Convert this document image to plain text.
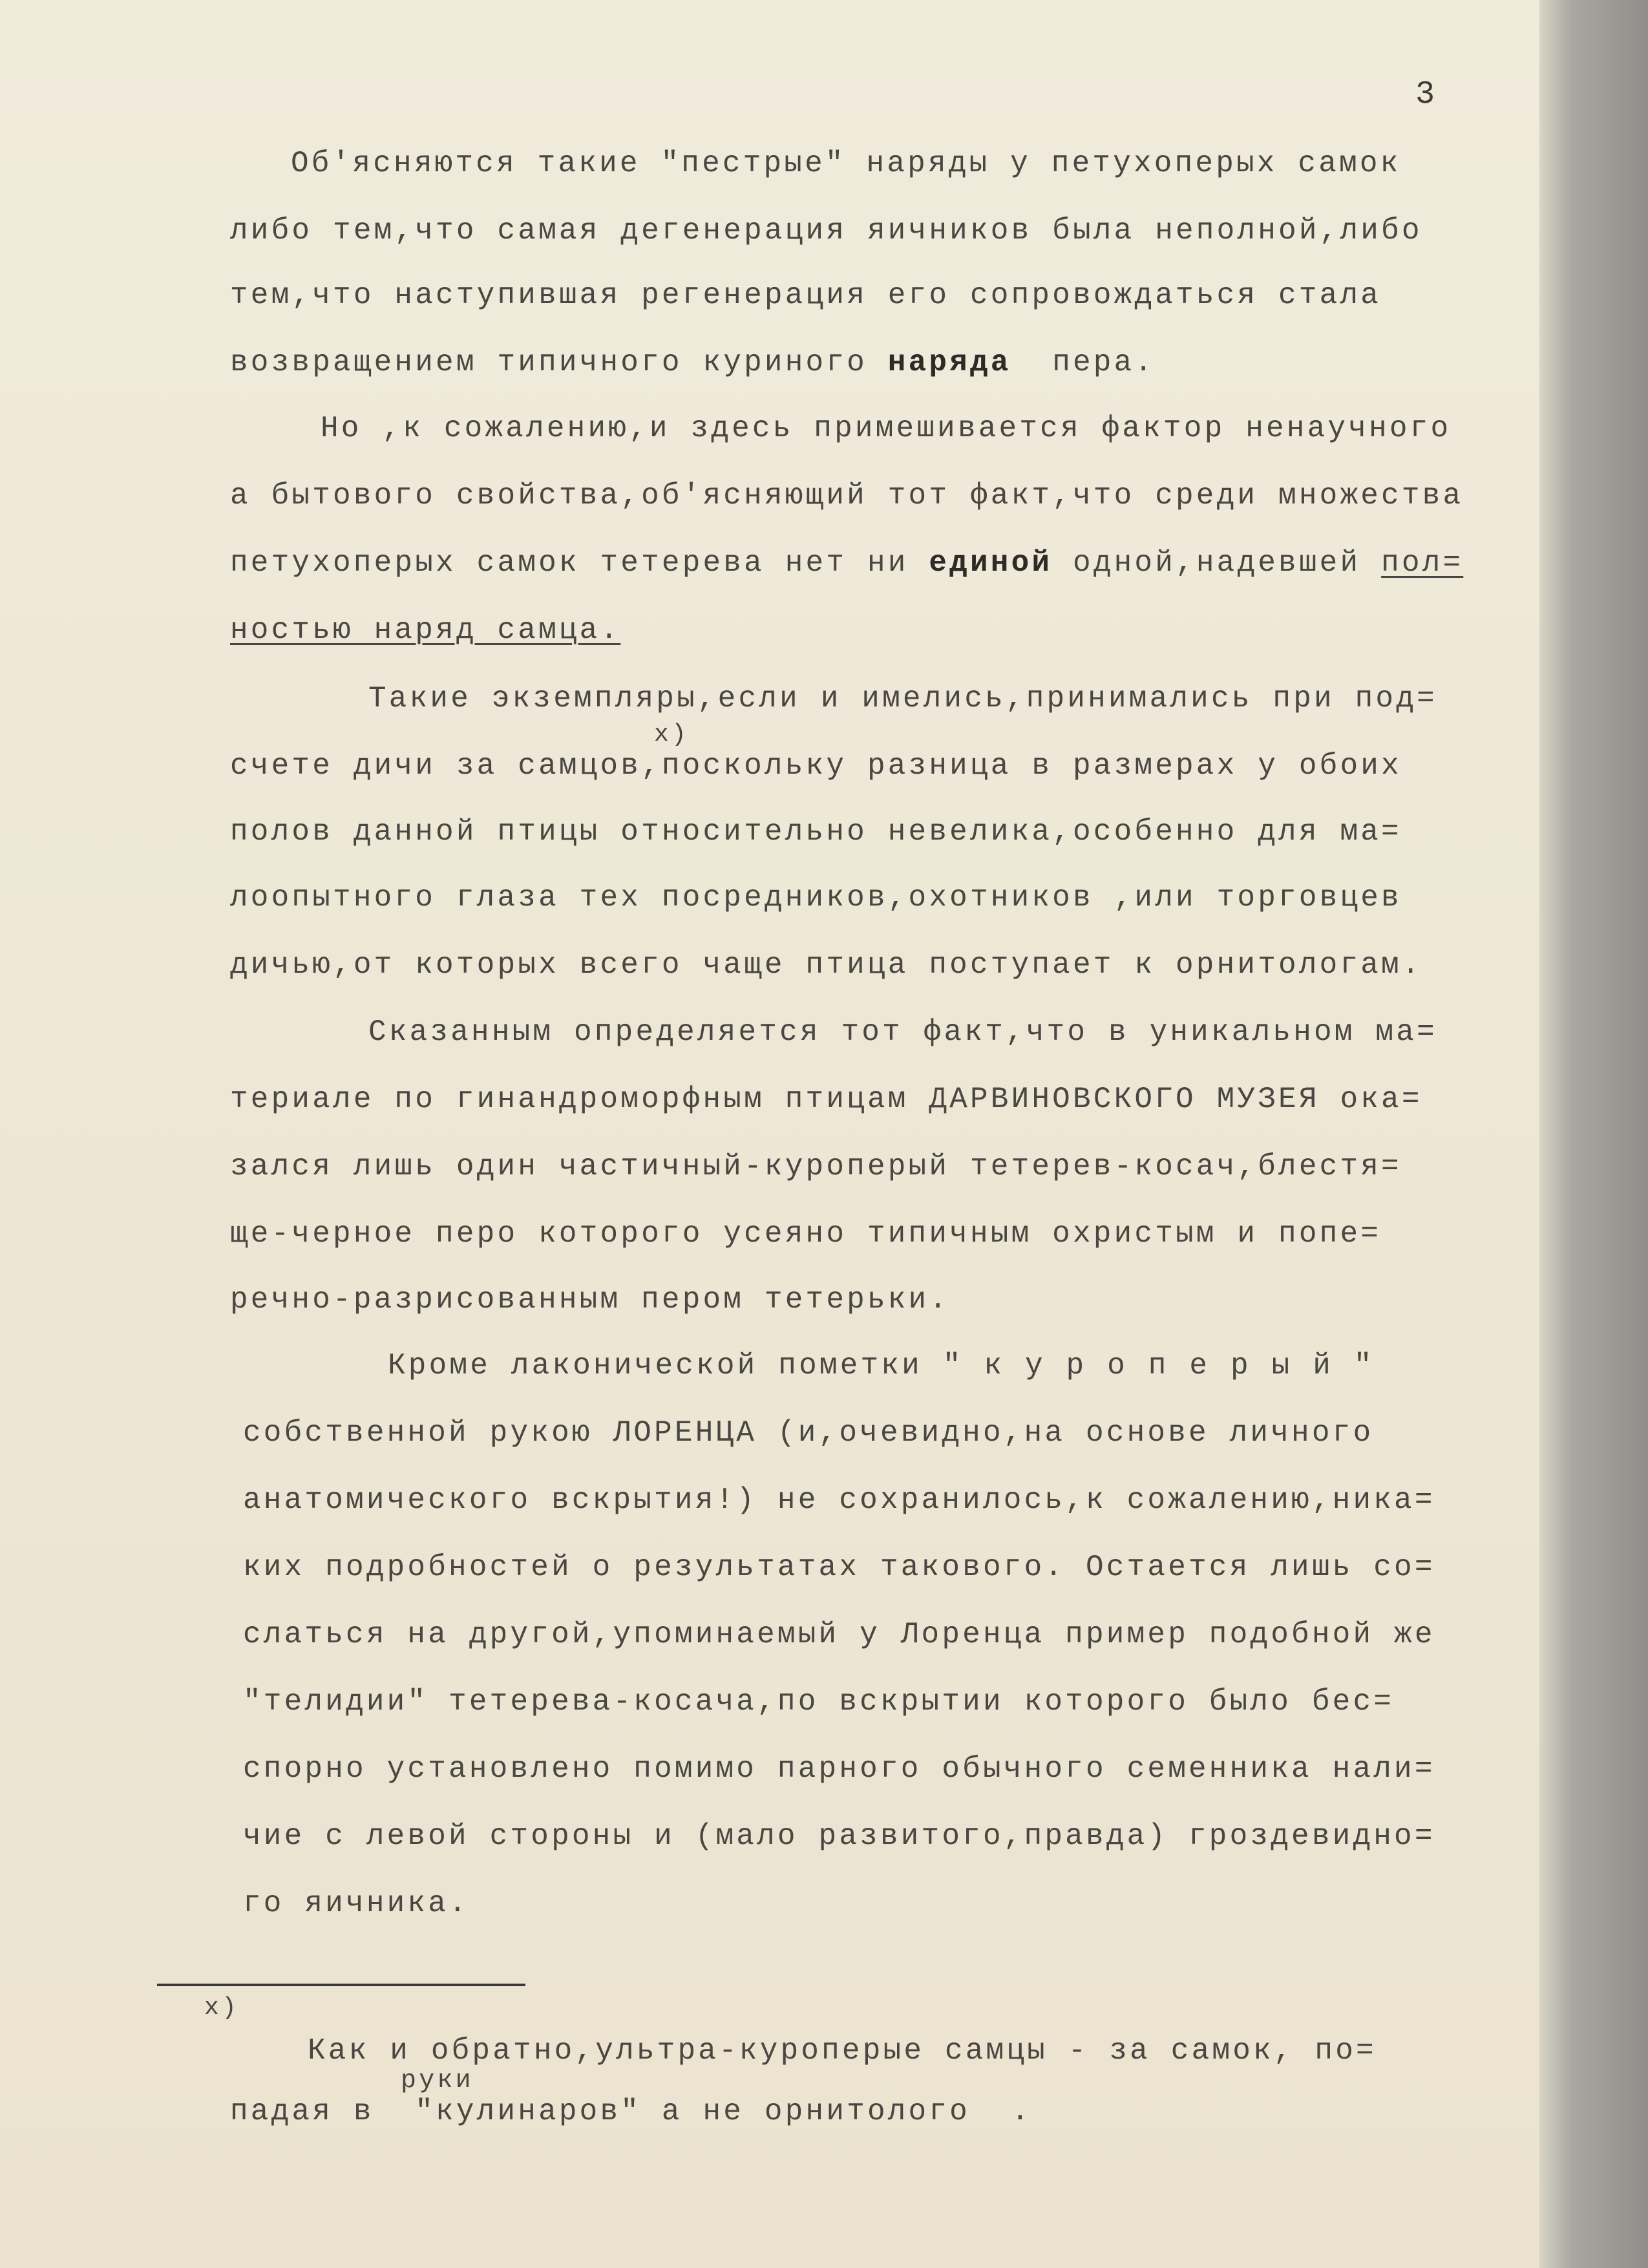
3
Об'ясняются такие "пестрые" наряды у петухоперых самок
либо тем,что самая дегенерация яичников была неполной,либо
тем,что наступившая регенерация его сопровождаться стала
возвращением типичного куриного наряда пера.
Но ,к сожалению,и здесь примешивается фактор ненаучного
а бытового свойства,об'ясняющий тот факт,что среди множества
петухоперых самок тетерева нет ни единой одной,надевшей пол=
ностью наряд самца.
Такие экземпляры,если и имелись,принимались при под=
x)
счете дичи за самцов,поскольку разница в размерах у обоих
полов данной птицы относительно невелика,особенно для ма=
лоопытного глаза тех посредников,охотников ,или торговцев
дичью,от которых всего чаще птица поступает к орнитологам.
Сказанным определяется тот факт,что в уникальном ма=
териале по гинандроморфным птицам ДАРВИНОВСКОГО МУЗЕЯ ока=
зался лишь один частичный-куроперый тетерев-косач,блестя=
ще-черное перо которого усеяно типичным охристым и попе=
речно-разрисованным пером тетерьки.
Кроме лаконической пометки " к у р о п е р ы й "
собственной рукою ЛОРЕНЦА (и,очевидно,на основе личного
анатомического вскрытия!) не сохранилось,к сожалению,ника=
ких подробностей о результатах такового. Остается лишь со=
слаться на другой,упоминаемый у Лоренца пример подобной же
"телидии" тетерева-косача,по вскрытии которого было бес=
спорно установлено помимо парного обычного семенника нали=
чие с левой стороны и (мало развитого,правда) гроздевидно=
го яичника.
x)
Как и обратно,ультра-куроперые самцы - за самок, по=
руки
падая в  "кулинаров" а не орнитолого  .
